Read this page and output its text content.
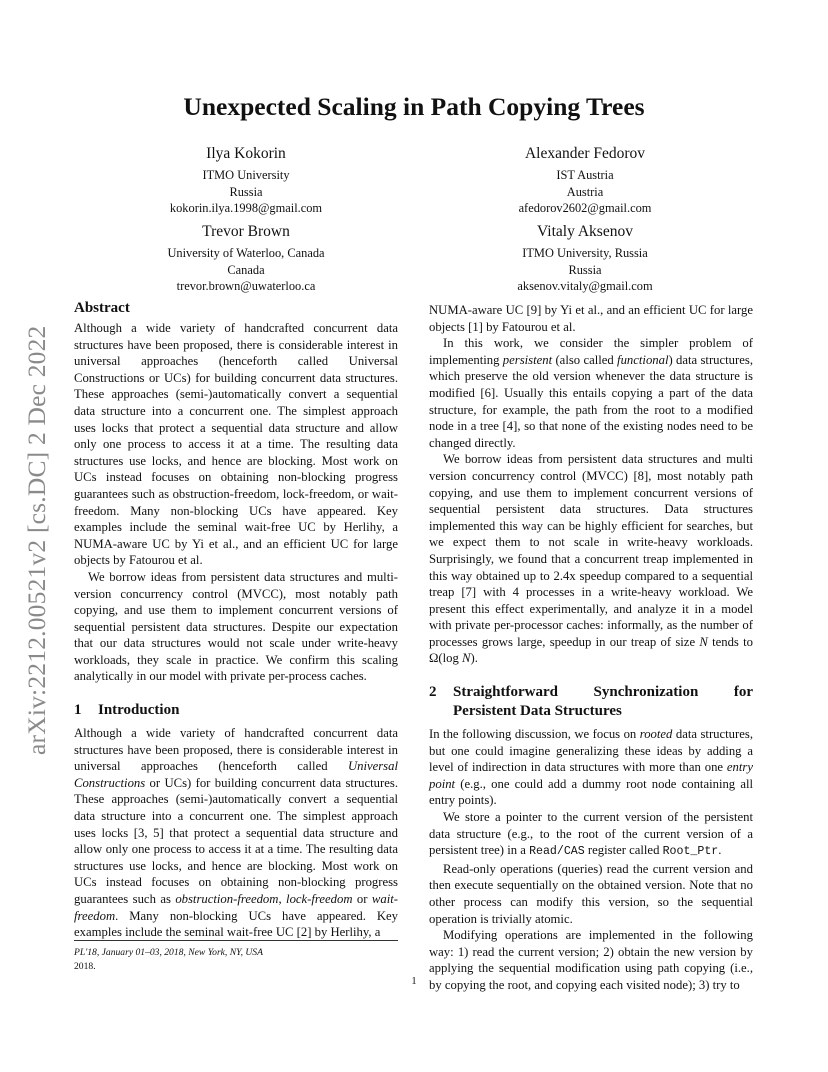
arXiv:2212.00521v2 [cs.DC] 2 Dec 2022
Unexpected Scaling in Path Copying Trees
Ilya Kokorin
ITMO University
Russia
kokorin.ilya.1998@gmail.com
Alexander Fedorov
IST Austria
Austria
afedorov2602@gmail.com
Trevor Brown
University of Waterloo, Canada
Canada
trevor.brown@uwaterloo.ca
Vitaly Aksenov
ITMO University, Russia
Russia
aksenov.vitaly@gmail.com
Abstract

Although a wide variety of handcrafted concurrent data structures have been proposed, there is considerable interest in universal approaches (henceforth called Universal Constructions or UCs) for building concurrent data structures. These approaches (semi-)automatically convert a sequential data structure into a concurrent one. The simplest approach uses locks that protect a sequential data structure and allow only one process to access it at a time. The resulting data structures use locks, and hence are blocking. Most work on UCs instead focuses on obtaining non-blocking progress guarantees such as obstruction-freedom, lock-freedom, or wait-freedom. Many non-blocking UCs have appeared. Key examples include the seminal wait-free UC by Herlihy, a NUMA-aware UC by Yi et al., and an efficient UC for large objects by Fatourou et al.

We borrow ideas from persistent data structures and multi-version concurrency control (MVCC), most notably path copying, and use them to implement concurrent versions of sequential persistent data structures. Despite our expectation that our data structures would not scale under write-heavy workloads, they scale in practice. We confirm this scaling analytically in our model with private per-process caches.

1	Introduction

Although a wide variety of handcrafted concurrent data structures have been proposed, there is considerable interest in universal approaches (henceforth called Universal Constructions or UCs) for building concurrent data structures. These approaches (semi-)automatically convert a sequential data structure into a concurrent one. The simplest approach uses locks [3, 5] that protect a sequential data structure and allow only one process to access it at a time. The resulting data structures use locks, and hence are blocking. Most work on UCs instead focuses on obtaining non-blocking progress guarantees such as obstruction-freedom, lock-freedom or wait-freedom. Many non-blocking UCs have appeared. Key examples include the seminal wait-free UC [2] by Herlihy, a

NUMA-aware UC [9] by Yi et al., and an efficient UC for large objects [1] by Fatourou et al.

In this work, we consider the simpler problem of implementing persistent (also called functional) data structures, which preserve the old version whenever the data structure is modified [6]. Usually this entails copying a part of the data structure, for example, the path from the root to a modified node in a tree [4], so that none of the existing nodes need to be changed directly.

We borrow ideas from persistent data structures and multi version concurrency control (MVCC) [8], most notably path copying, and use them to implement concurrent versions of sequential persistent data structures. Data structures implemented this way can be highly efficient for searches, but we expect them to not scale in write-heavy workloads. Surprisingly, we found that a concurrent treap implemented in this way obtained up to 2.4x speedup compared to a sequential treap [7] with 4 processes in a write-heavy workload. We present this effect experimentally, and analyze it in a model with private per-processor caches: informally, as the number of processes grows large, speedup in our treap of size N tends to Ω(log N).

2	Straightforward Synchronization for Persistent Data Structures

In the following discussion, we focus on rooted data structures, but one could imagine generalizing these ideas by adding a level of indirection in data structures with more than one entry point (e.g., one could add a dummy root node containing all entry points).

We store a pointer to the current version of the persistent data structure (e.g., to the root of the current version of a persistent tree) in a Read/CAS register called Root_Ptr.

Read-only operations (queries) read the current version and then execute sequentially on the obtained version. Note that no other process can modify this version, so the sequential operation is trivially atomic.

Modifying operations are implemented in the following way: 1) read the current version; 2) obtain the new version by applying the sequential modification using path copying (i.e., by copying the root, and copying each visited node); 3) try to

PL'18, January 01–03, 2018, New York, NY, USA
2018.
1
